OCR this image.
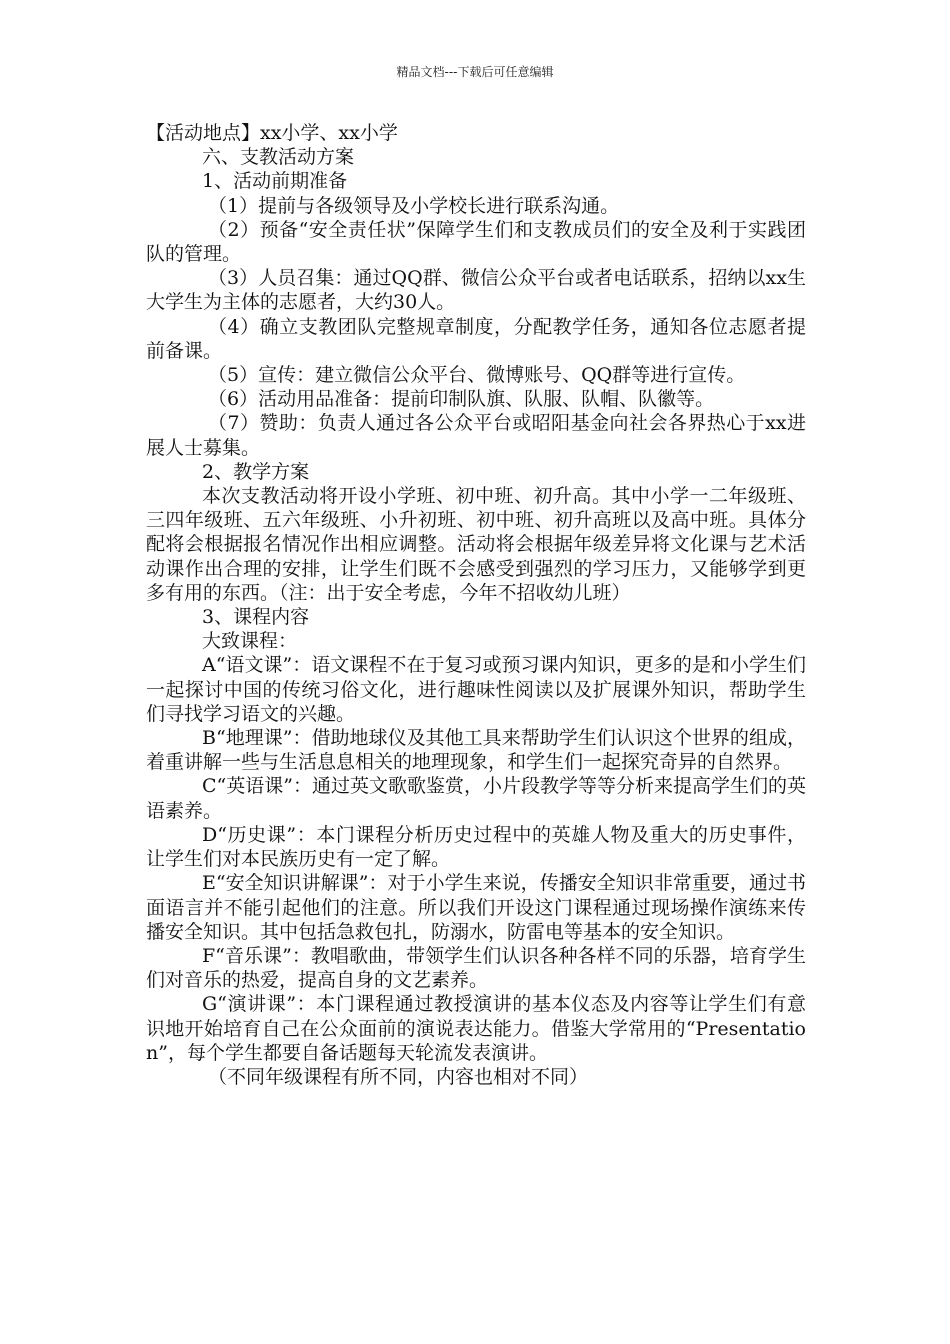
精品文档---下载后可任意编辑

【活动地点】xx小学、xx小学

六、支教活动方案

1、活动前期准备

（1）提前与各级领导及小学校长进行联系沟通。

（2）预备“安全责任状”保障学生们和支教成员们的安全及利于实践团队的管理。

（3）人员召集：通过QQ群、微信公众平台或者电话联系，招纳以xx生大学生为主体的志愿者，大约30人。

（4）确立支教团队完整规章制度，分配教学任务，通知各位志愿者提前备课。

（5）宣传：建立微信公众平台、微博账号、QQ群等进行宣传。

（6）活动用品准备：提前印制队旗、队服、队帽、队徽等。

（7）赞助：负责人通过各公众平台或昭阳基金向社会各界热心于xx进展人士募集。

2、教学方案

本次支教活动将开设小学班、初中班、初升高。其中小学一二年级班、三四年级班、五六年级班、小升初班、初中班、初升高班以及高中班。具体分配将会根据报名情况作出相应调整。活动将会根据年级差异将文化课与艺术活动课作出合理的安排，让学生们既不会感受到强烈的学习压力，又能够学到更多有用的东西。（注：出于安全考虑，今年不招收幼儿班）

3、课程内容

大致课程：

A“语文课”：语文课程不在于复习或预习课内知识，更多的是和小学生们一起探讨中国的传统习俗文化，进行趣味性阅读以及扩展课外知识，帮助学生们寻找学习语文的兴趣。

B“地理课”：借助地球仪及其他工具来帮助学生们认识这个世界的组成，着重讲解一些与生活息息相关的地理现象，和学生们一起探究奇异的自然界。

C“英语课”：通过英文歌歌鉴赏，小片段教学等等分析来提高学生们的英语素养。

D“历史课”：本门课程分析历史过程中的英雄人物及重大的历史事件，让学生们对本民族历史有一定了解。

E“安全知识讲解课”：对于小学生来说，传播安全知识非常重要，通过书面语言并不能引起他们的注意。所以我们开设这门课程通过现场操作演练来传播安全知识。其中包括急救包扎，防溺水，防雷电等基本的安全知识。

F“音乐课”：教唱歌曲，带领学生们认识各种各样不同的乐器，培育学生们对音乐的热爱，提高自身的文艺素养。

G“演讲课”：本门课程通过教授演讲的基本仪态及内容等让学生们有意识地开始培育自己在公众面前的演说表达能力。借鉴大学常用的“Presentation”，每个学生都要自备话题每天轮流发表演讲。

（不同年级课程有所不同，内容也相对不同）
